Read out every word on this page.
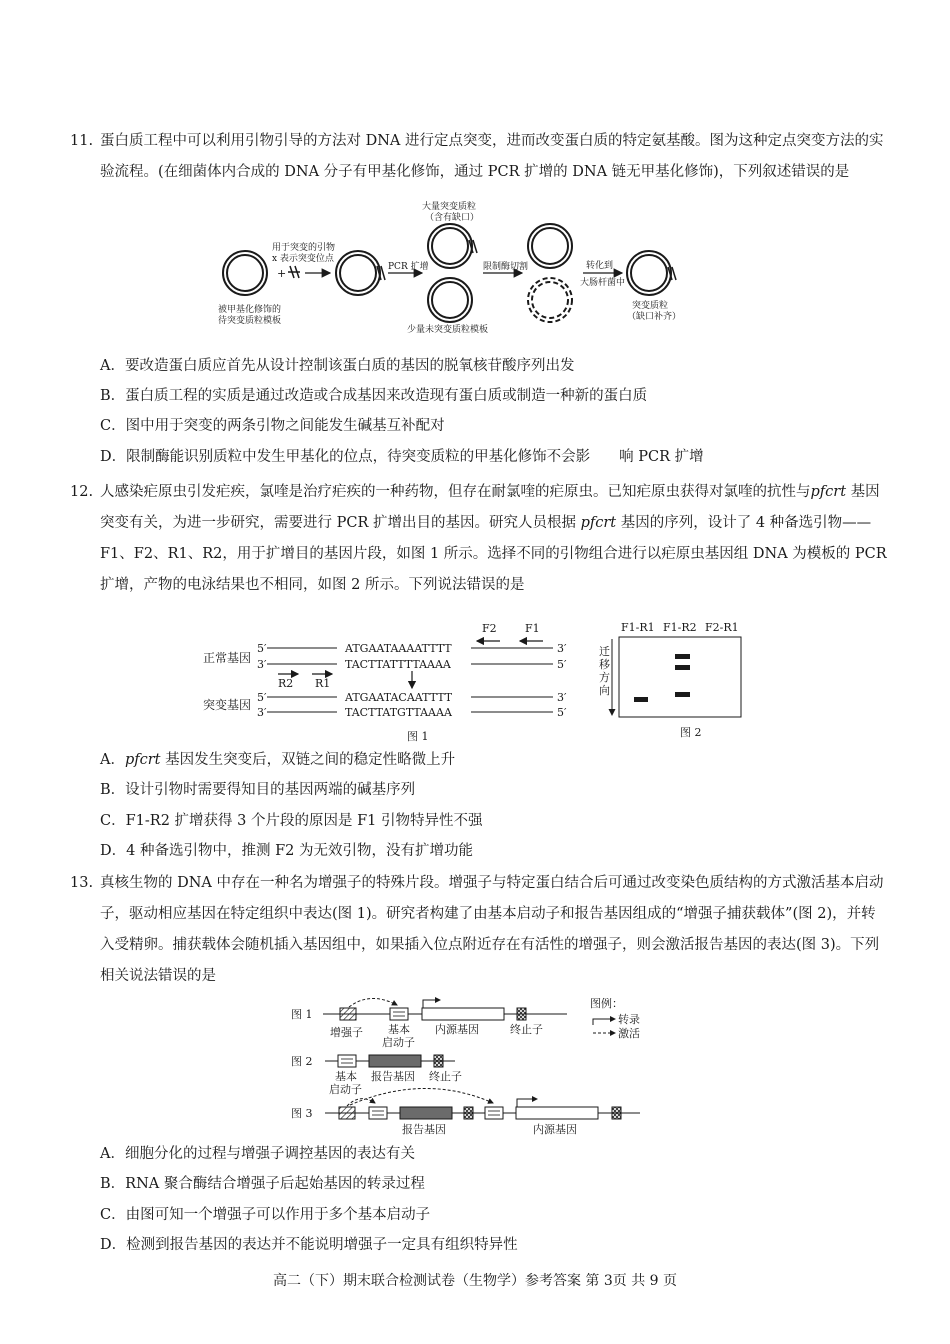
11. 蛋白质工程中可以利用引物引导的方法对 DNA 进行定点突变，进而改变蛋白质的特定氨基酸。图为这种定点突变方法的实验流程。(在细菌体内合成的 DNA 分子有甲基化修饰，通过 PCR 扩增的 DNA 链无甲基化修饰)，下列叙述错误的是
被甲基化修饰的
待突变质粒模板
用于突变的引物
x 表示突变位点
+	PCR 扩增
大量突变质粒
（含有缺口）
少量未突变质粒模板
限制酶切割	转化到
大肠杆菌中
突变质粒
（缺口补齐）
A．要改造蛋白质应首先从设计控制该蛋白质的基因的脱氧核苷酸序列出发
B．蛋白质工程的实质是通过改造或合成基因来改造现有蛋白质或制造一种新的蛋白质
C．图中用于突变的两条引物之间能发生碱基互补配对
D．限制酶能识别质粒中发生甲基化的位点，待突变质粒的甲基化修饰不会影　　响 PCR 扩增
12. 人感染疟原虫引发疟疾，氯喹是治疗疟疾的一种药物，但存在耐氯喹的疟原虫。已知疟原虫获得对氯喹的抗性与pfcrt 基因突变有关，为进一步研究，需要进行 PCR 扩增出目的基因。研究人员根据 pfcrt 基因的序列，设计了 4 种备选引物——F1、F2、R1、R2，用于扩增目的基因片段，如图 1 所示。选择不同的引物组合进行以疟原虫基因组 DNA 为模板的 PCR 扩增，产物的电泳结果也不相同，如图 2 所示。下列说法错误的是
F2	F1
正常基因
5′
3′
ATGAATAAAATTTT
TACTTATTTTAAAA
3′
5′
R2 R1
突变基因
5′
3′
ATGAATACAATTTT
TACTTATGTTAAAA
3′
5′
图 1
F1-R1 F1-R2 F2-R1
迁移方向
图 2
A．pfcrt 基因发生突变后，双链之间的稳定性略微上升
B．设计引物时需要得知目的基因两端的碱基序列
C．F1-R2 扩增获得 3 个片段的原因是 F1 引物特异性不强
D．4 种备选引物中，推测 F2 为无效引物，没有扩增功能
13. 真核生物的 DNA 中存在一种名为增强子的特殊片段。增强子与特定蛋白结合后可通过改变染色质结构的方式激活基本启动子，驱动相应基因在特定组织中表达(图 1)。研究者构建了由基本启动子和报告基因组成的“增强子捕获载体”(图 2)，并转入受精卵。捕获载体会随机插入基因组中，如果插入位点附近存在有活性的增强子，则会激活报告基因的表达(图 3)。下列相关说法错误的是
图 1
增强子 基本
启动子
内源基因	终止子
图例：
转录
激活
图 2
基本
启动子
报告基因 终止子
图 3
报告基因	内源基因
A．细胞分化的过程与增强子调控基因的表达有关
B．RNA 聚合酶结合增强子后起始基因的转录过程
C．由图可知一个增强子可以作用于多个基本启动子
D．检测到报告基因的表达并不能说明增强子一定具有组织特异性
高二（下）期末联合检测试卷（生物学）参考答案 第 3页 共 9 页
